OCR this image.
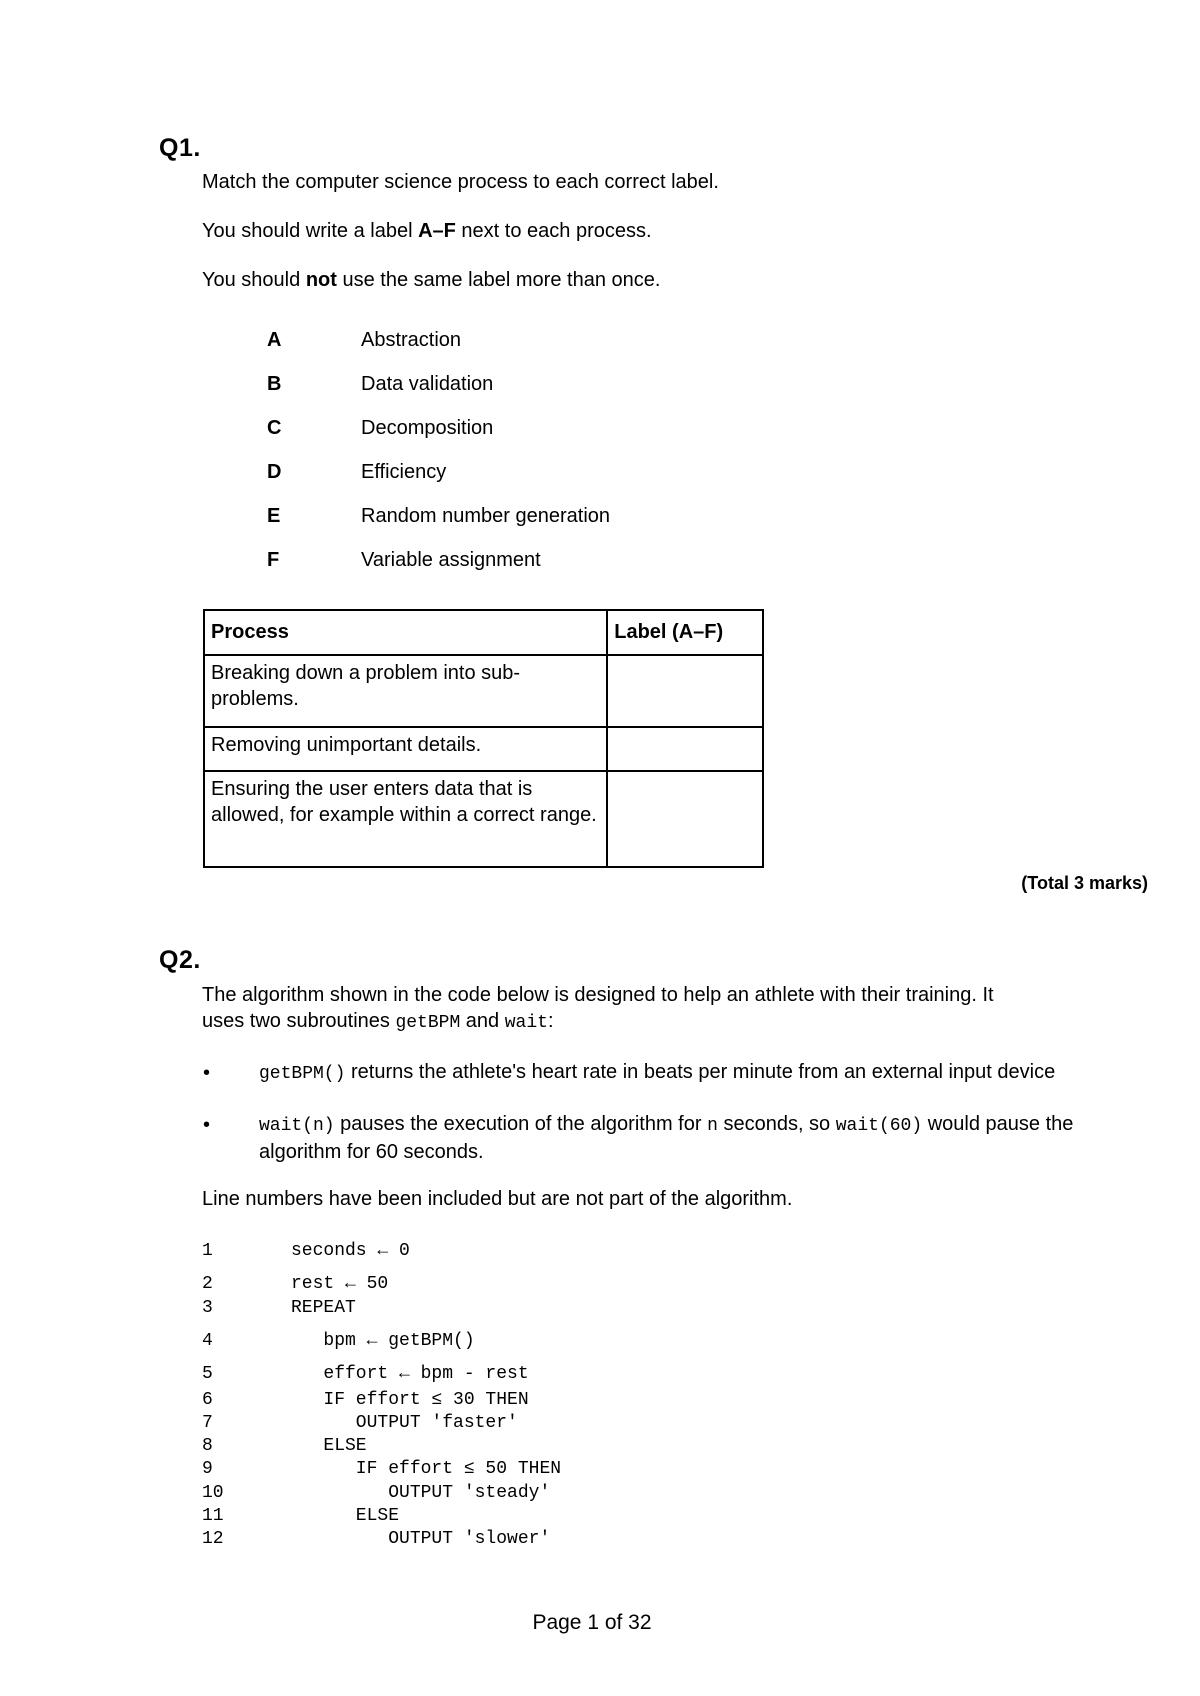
Q1.
Match the computer science process to each correct label.
You should write a label A–F next to each process.
You should not use the same label more than once.
A	Abstraction
B	Data validation
C	Decomposition
D	Efficiency
E	Random number generation
F	Variable assignment
Process	Label (A–F)
Breaking down a problem into sub-problems.	
Removing unimportant details.	
Ensuring the user enters data that is allowed, for example within a correct range.	
(Total 3 marks)
Q2.
The algorithm shown in the code below is designed to help an athlete with their training. It
uses two subroutines getBPM and wait:
•	getBPM() returns the athlete's heart rate in beats per minute from an external input device
•	wait(n) pauses the execution of the algorithm for n seconds, so wait(60) would pause the algorithm for 60 seconds.
Line numbers have been included but are not part of the algorithm.
1	seconds ← 0
2	rest ← 50
3	REPEAT
4	bpm ← getBPM()
5	effort ← bpm - rest
6	IF effort ≤ 30 THEN
7	OUTPUT 'faster'
8	ELSE
9	IF effort ≤ 50 THEN
10	OUTPUT 'steady'
11	ELSE
12	OUTPUT 'slower'
Page 1 of 32
